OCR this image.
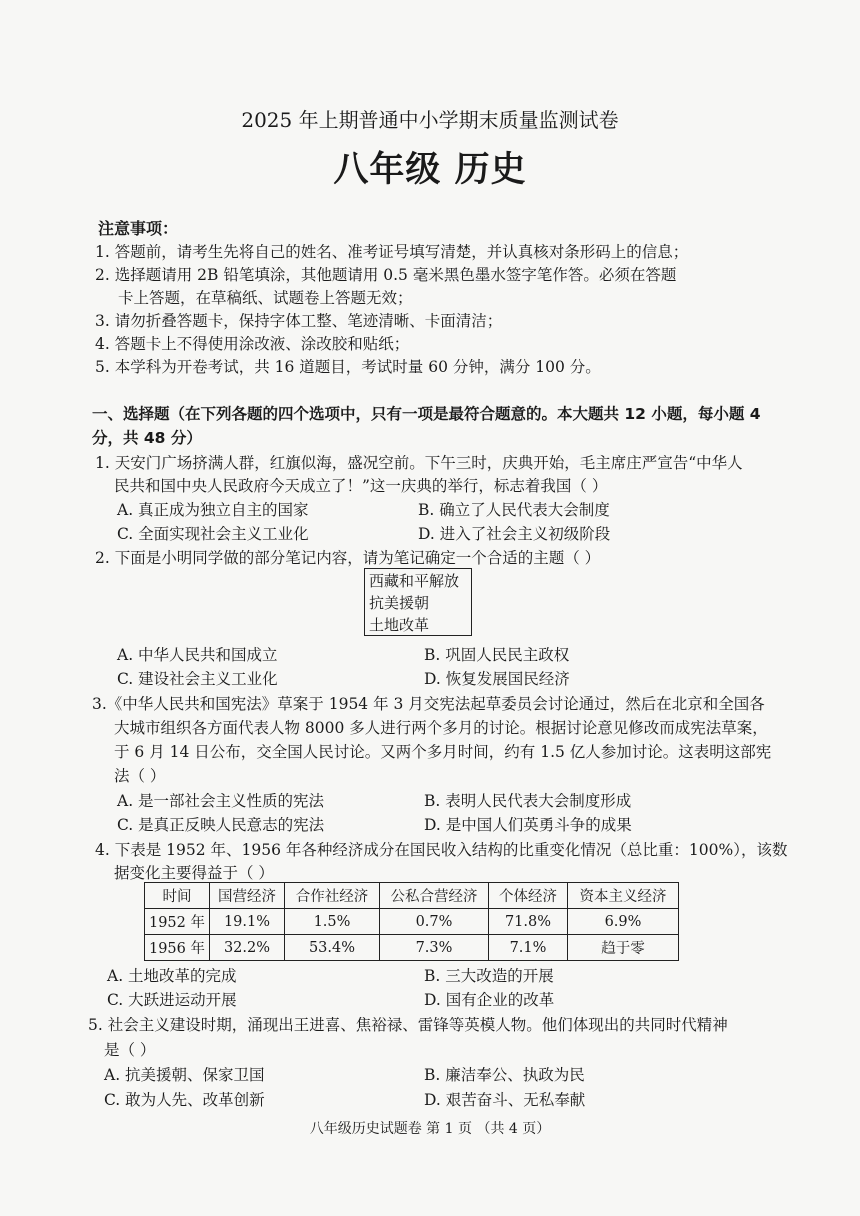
2025 年上期普通中小学期末质量监测试卷
八年级 历史
注意事项：
1. 答题前，请考生先将自己的姓名、准考证号填写清楚，并认真核对条形码上的信息；
2. 选择题请用 2B 铅笔填涂，其他题请用 0.5 毫米黑色墨水签字笔作答。必须在答题
卡上答题，在草稿纸、试题卷上答题无效；
3. 请勿折叠答题卡，保持字体工整、笔迹清晰、卡面清洁；
4. 答题卡上不得使用涂改液、涂改胶和贴纸；
5. 本学科为开卷考试，共 16 道题目，考试时量 60 分钟，满分 100 分。
一、选择题（在下列各题的四个选项中，只有一项是最符合题意的。本大题共 12 小题，每小题 4
分，共 48 分）
1. 天安门广场挤满人群，红旗似海，盛况空前。下午三时，庆典开始，毛主席庄严宣告“中华人
民共和国中央人民政府今天成立了！”这一庆典的举行，标志着我国（ ）
A. 真正成为独立自主的国家	B. 确立了人民代表大会制度
C. 全面实现社会主义工业化	D. 进入了社会主义初级阶段
2. 下面是小明同学做的部分笔记内容，请为笔记确定一个合适的主题（ ）
西藏和平解放
抗美援朝
土地改革
A. 中华人民共和国成立	B. 巩固人民民主政权
C. 建设社会主义工业化	D. 恢复发展国民经济
3.《中华人民共和国宪法》草案于 1954 年 3 月交宪法起草委员会讨论通过，然后在北京和全国各
大城市组织各方面代表人物 8000 多人进行两个多月的讨论。根据讨论意见修改而成宪法草案，
于 6 月 14 日公布，交全国人民讨论。又两个多月时间，约有 1.5 亿人参加讨论。这表明这部宪
法（ ）
A. 是一部社会主义性质的宪法	B. 表明人民代表大会制度形成
C. 是真正反映人民意志的宪法	D. 是中国人们英勇斗争的成果
4. 下表是 1952 年、1956 年各种经济成分在国民收入结构的比重变化情况（总比重：100%），该数
据变化主要得益于（ ）
时间	国营经济	合作社经济	公私合营经济	个体经济	资本主义经济
1952 年	19.1%	1.5%	0.7%	71.8%	6.9%
1956 年	32.2%	53.4%	7.3%	7.1%	趋于零
A. 土地改革的完成	B. 三大改造的开展
C. 大跃进运动开展	D. 国有企业的改革
5. 社会主义建设时期，涌现出王进喜、焦裕禄、雷锋等英模人物。他们体现出的共同时代精神
是（ ）
A. 抗美援朝、保家卫国	B. 廉洁奉公、执政为民
C. 敢为人先、改革创新	D. 艰苦奋斗、无私奉献
八年级历史试题卷 第 1 页 （共 4 页）
